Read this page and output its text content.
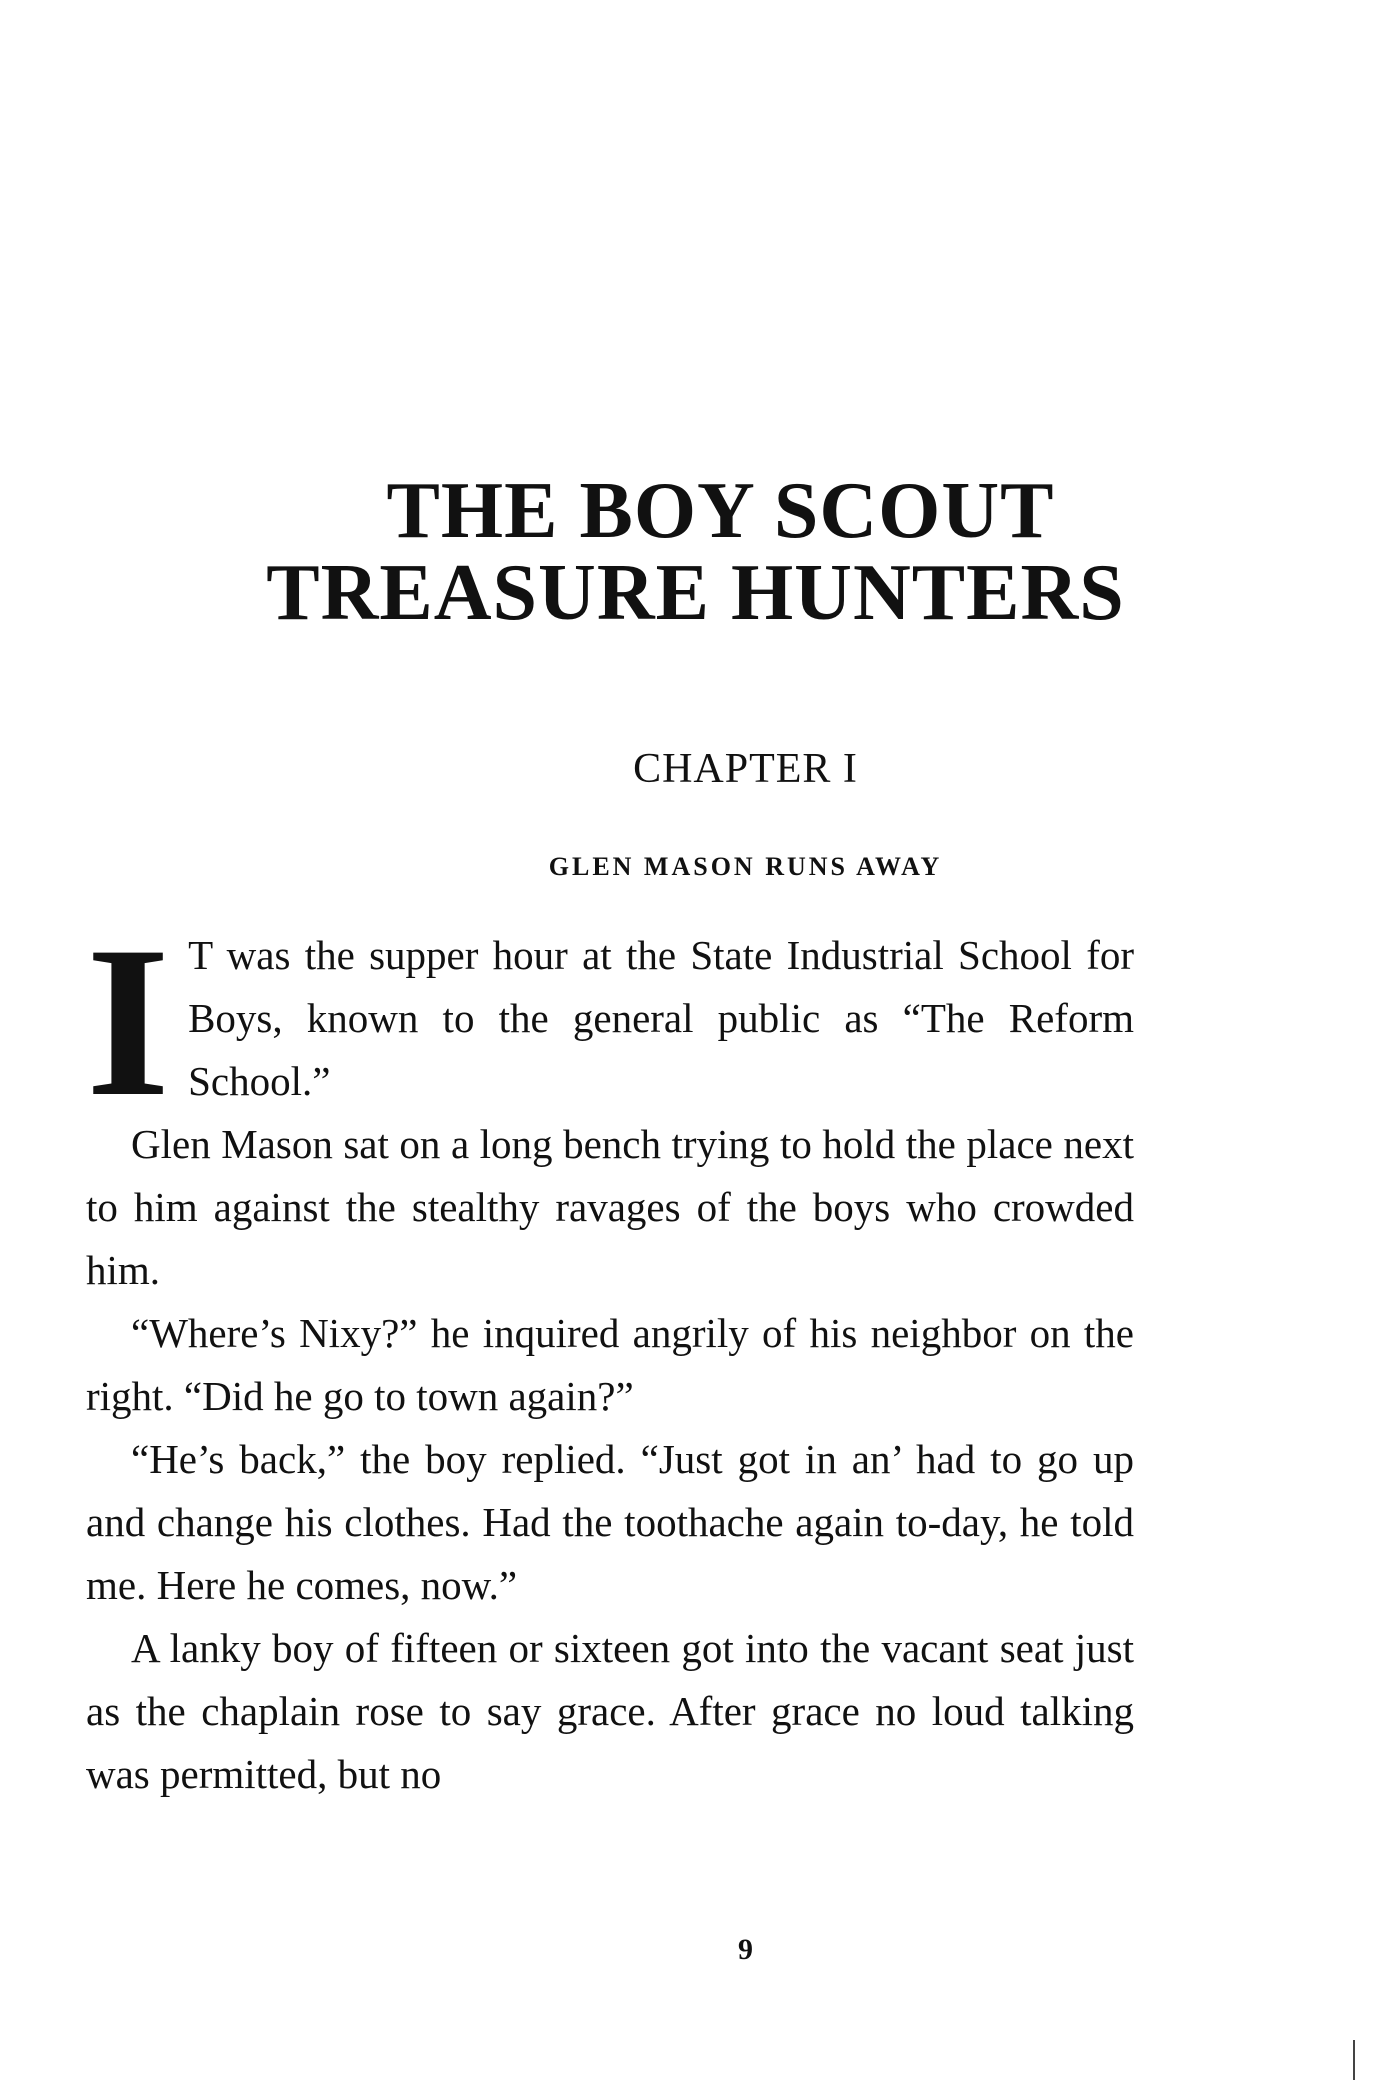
THE BOY SCOUT
TREASURE HUNTERS
CHAPTER I
GLEN MASON RUNS AWAY

I T was the supper hour at the State Industrial School for Boys, known to the general public as “The Reform School.”

Glen Mason sat on a long bench trying to hold the place next to him against the stealthy ravages of the boys who crowded him.

“Where’s Nixy?” he inquired angrily of his neighbor on the right. “Did he go to town again?”

“He’s back,” the boy replied. “Just got in an’ had to go up and change his clothes. Had the toothache again to-day, he told me. Here he comes, now.”

A lanky boy of fifteen or sixteen got into the vacant seat just as the chaplain rose to say grace. After grace no loud talking was permitted, but no

9
